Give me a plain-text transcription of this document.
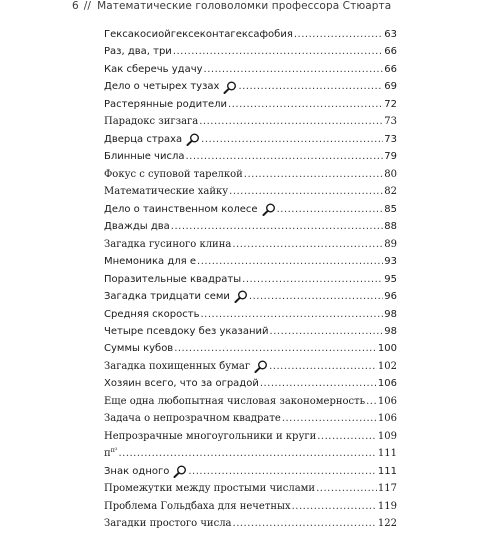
6 // Математические головоломки профессора Стюарта
Гексакосиойгексеконтагексафобия .....	63
Раз, два, три .....	66
Как сберечь удачу .....	66
Дело о четырех тузах .....	69
Растерянные родители .....	72
Парадокс зигзага .....	73
Дверца страха .....	73
Блинные числа .....	79
Фокус с суповой тарелкой .....	80
Математические хайку .....	82
Дело о таинственном колесе .....	85
Дважды два .....	88
Загадка гусиного клина .....	89
Мнемоника для e .....	93
Поразительные квадраты .....	95
Загадка тридцати семи .....	96
Средняя скорость .....	98
Четыре псевдоку без указаний .....	98
Суммы кубов .....	100
Загадка похищенных бумаг .....	102
Хозяин всего, что за оградой .....	106
Еще одна любопытная числовая закономерность ..... 106
Задача о непрозрачном квадрате .....	106
Непрозрачные многоугольники и круги .....	109
$\pi^{\pi^2}$ .....	111
Знак одного .....	111
Промежутки между простыми числами .....	117
Проблема Гольдбаха для нечетных .....	119
Загадки простого числа .....	122
